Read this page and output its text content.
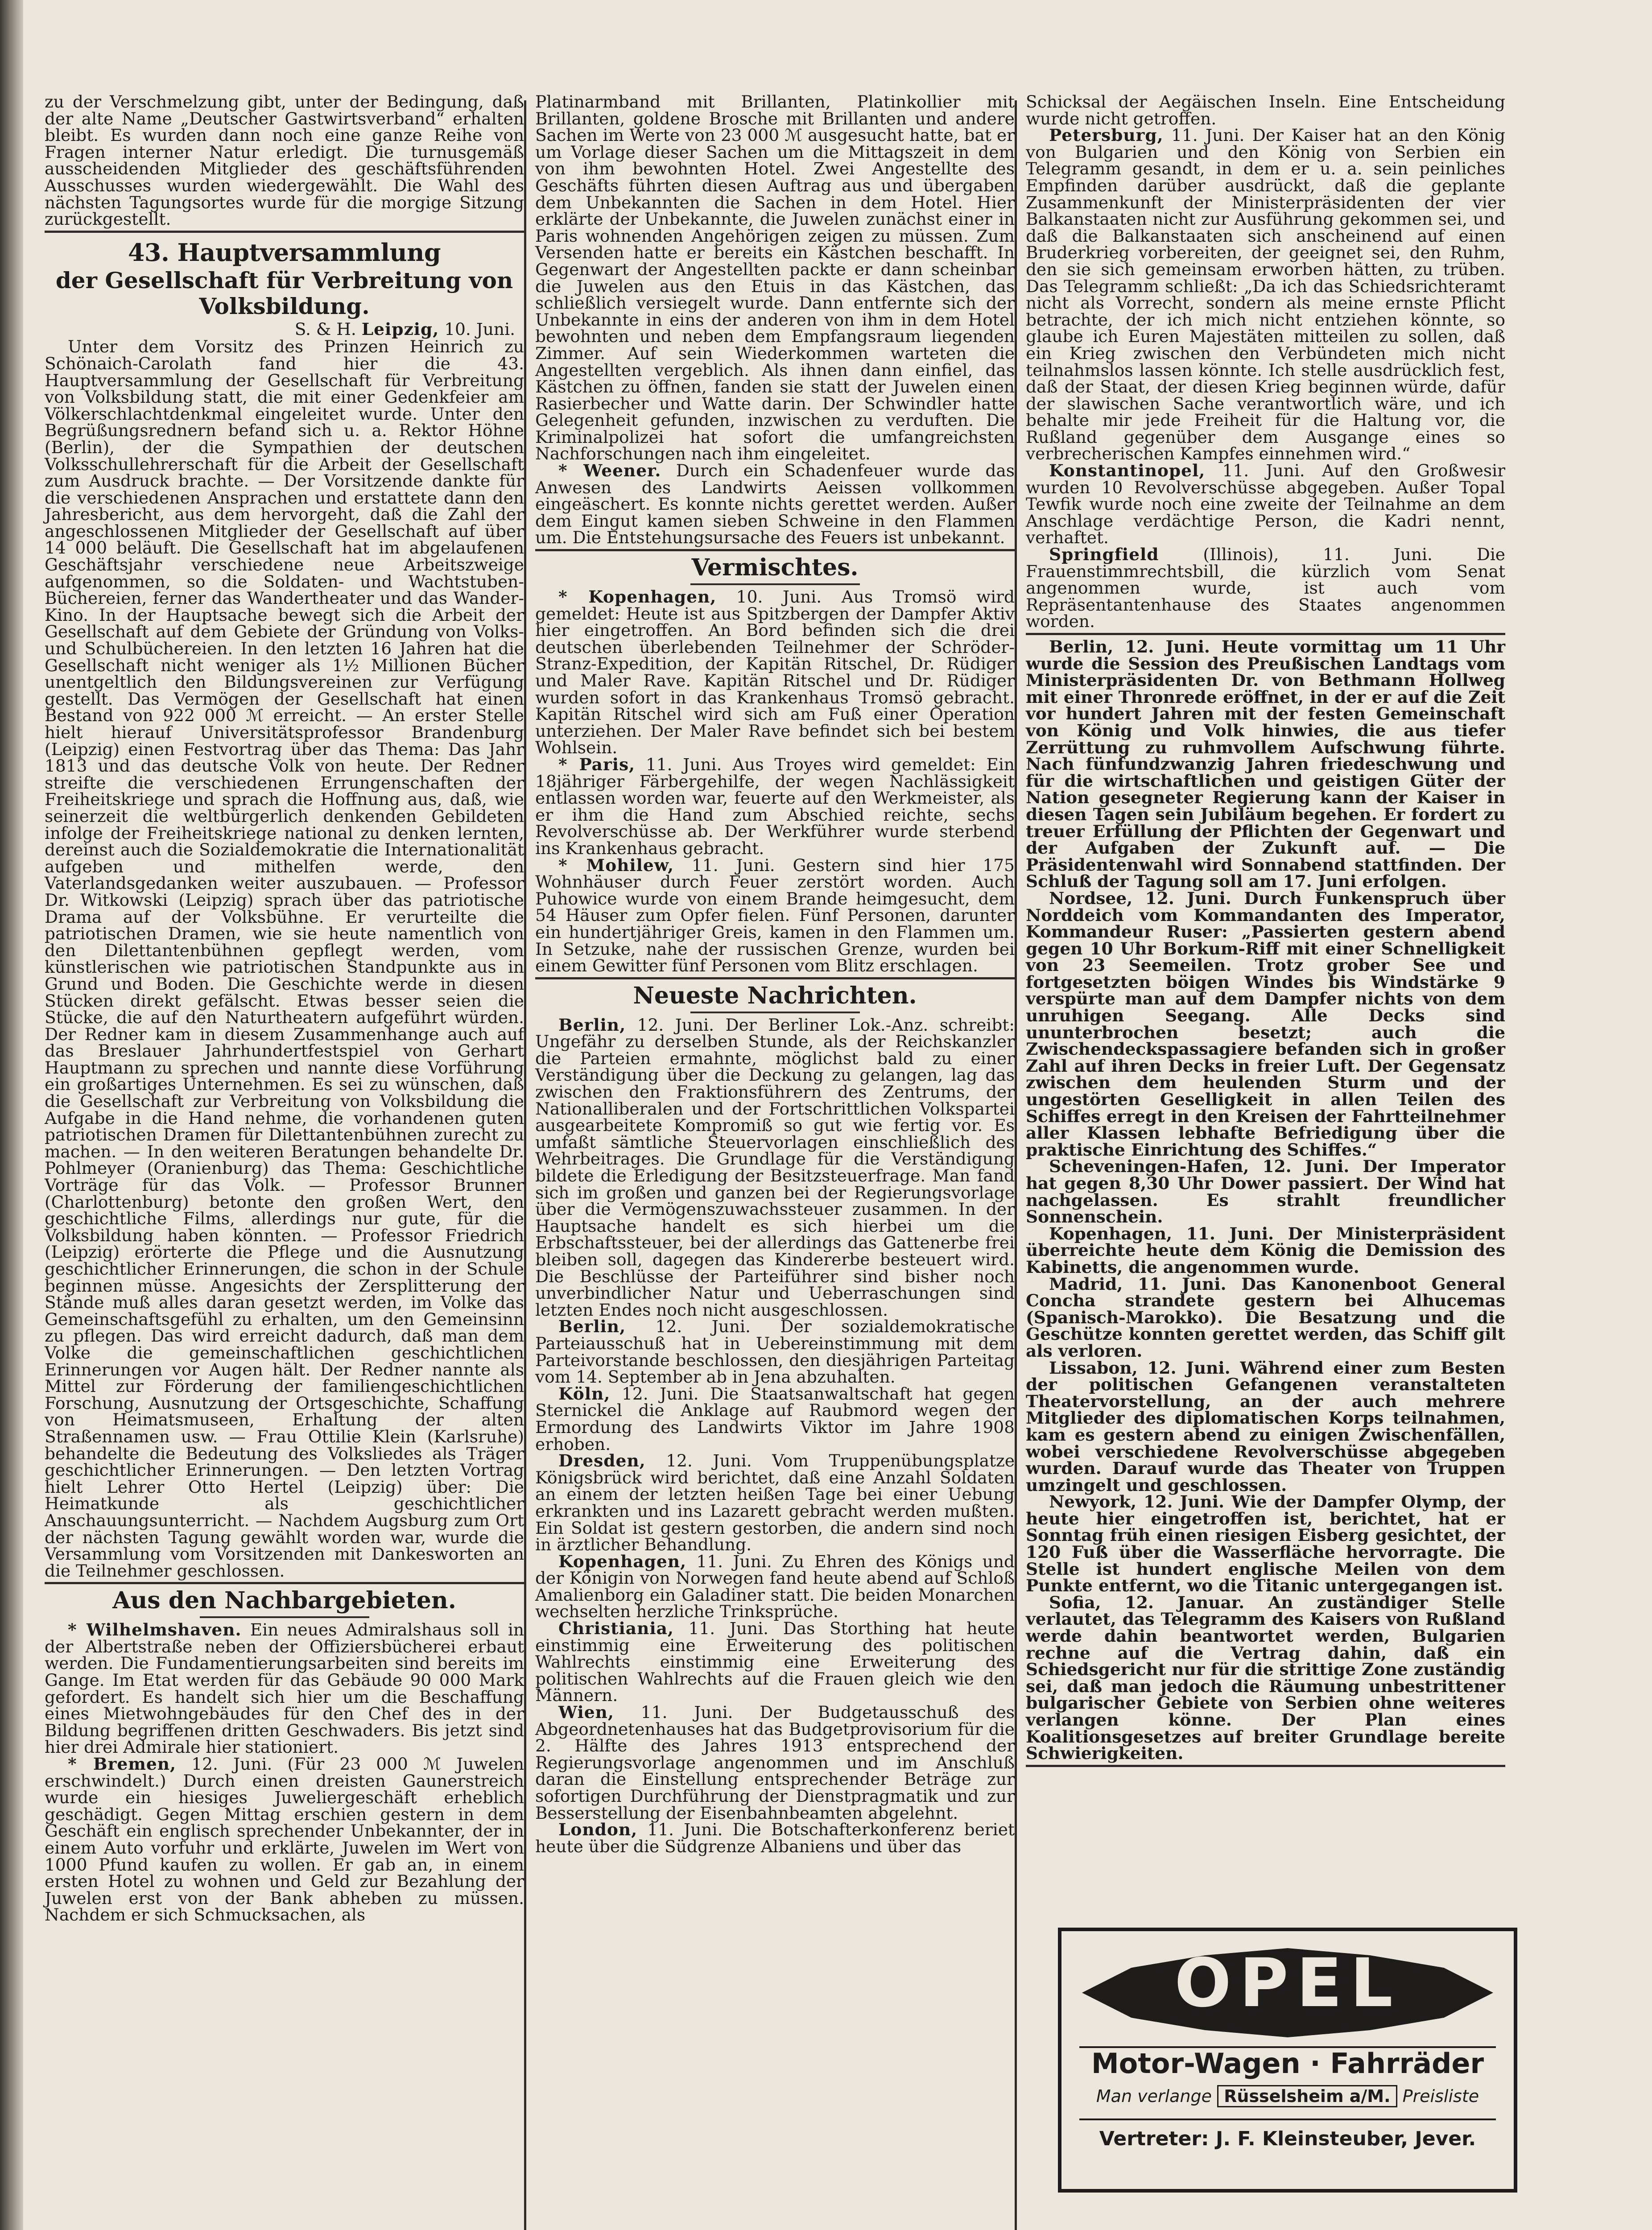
zu der Verschmelzung gibt, unter der Bedingung, daß der alte Name „Deutscher Gastwirtsverband“ erhalten bleibt. Es wurden dann noch eine ganze Reihe von Fragen interner Natur erledigt. Die turnusgemäß ausscheidenden Mitglieder des geschäftsführenden Ausschusses wurden wiedergewählt. Die Wahl des nächsten Tagungsortes wurde für die morgige Sitzung zurückgestellt.

43. Hauptversammlung
der Gesellschaft für Verbreitung von Volksbildung.
S. & H. Leipzig, 10. Juni.

Unter dem Vorsitz des Prinzen Heinrich zu Schönaich-Carolath fand hier die 43. Hauptversammlung der Gesellschaft für Verbreitung von Volksbildung statt, die mit einer Gedenkfeier am Völkerschlachtdenkmal eingeleitet wurde. Unter den Begrüßungsrednern befand sich u. a. Rektor Höhne (Berlin), der die Sympathien der deutschen Volksschullehrerschaft für die Arbeit der Gesellschaft zum Ausdruck brachte. — Der Vorsitzende dankte für die verschiedenen Ansprachen und erstattete dann den Jahresbericht, aus dem hervorgeht, daß die Zahl der angeschlossenen Mitglieder der Gesellschaft auf über 14 000 beläuft. Die Gesellschaft hat im abgelaufenen Geschäftsjahr verschiedene neue Arbeitszweige aufgenommen, so die Soldaten- und Wachtstuben-Büchereien, ferner das Wandertheater und das Wander-Kino. In der Hauptsache bewegt sich die Arbeit der Gesellschaft auf dem Gebiete der Gründung von Volks- und Schulbüchereien. In den letzten 16 Jahren hat die Gesellschaft nicht weniger als 1½ Millionen Bücher unentgeltlich den Bildungsvereinen zur Verfügung gestellt. Das Vermögen der Gesellschaft hat einen Bestand von 922 000 ℳ erreicht. — An erster Stelle hielt hierauf Universitätsprofessor Brandenburg (Leipzig) einen Festvortrag über das Thema: Das Jahr 1813 und das deutsche Volk von heute. Der Redner streifte die verschiedenen Errungenschaften der Freiheitskriege und sprach die Hoffnung aus, daß, wie seinerzeit die weltbürgerlich denkenden Gebildeten infolge der Freiheitskriege national zu denken lernten, dereinst auch die Sozialdemokratie die Internationalität aufgeben und mithelfen werde, den Vaterlandsgedanken weiter auszubauen. — Professor Dr. Witkowski (Leipzig) sprach über das patriotische Drama auf der Volksbühne. Er verurteilte die patriotischen Dramen, wie sie heute namentlich von den Dilettantenbühnen gepflegt werden, vom künstlerischen wie patriotischen Standpunkte aus in Grund und Boden. Die Geschichte werde in diesen Stücken direkt gefälscht. Etwas besser seien die Stücke, die auf den Naturtheatern aufgeführt würden. Der Redner kam in diesem Zusammenhange auch auf das Breslauer Jahrhundertfestspiel von Gerhart Hauptmann zu sprechen und nannte diese Vorführung ein großartiges Unternehmen. Es sei zu wünschen, daß die Gesellschaft zur Verbreitung von Volksbildung die Aufgabe in die Hand nehme, die vorhandenen guten patriotischen Dramen für Dilettantenbühnen zurecht zu machen. — In den weiteren Beratungen behandelte Dr. Pohlmeyer (Oranienburg) das Thema: Geschichtliche Vorträge für das Volk. — Professor Brunner (Charlottenburg) betonte den großen Wert, den geschichtliche Films, allerdings nur gute, für die Volksbildung haben könnten. — Professor Friedrich (Leipzig) erörterte die Pflege und die Ausnutzung geschichtlicher Erinnerungen, die schon in der Schule beginnen müsse. Angesichts der Zersplitterung der Stände muß alles daran gesetzt werden, im Volke das Gemeinschaftsgefühl zu erhalten, um den Gemeinsinn zu pflegen. Das wird erreicht dadurch, daß man dem Volke die gemeinschaftlichen geschichtlichen Erinnerungen vor Augen hält. Der Redner nannte als Mittel zur Förderung der familiengeschichtlichen Forschung, Ausnutzung der Ortsgeschichte, Schaffung von Heimatsmuseen, Erhaltung der alten Straßennamen usw. — Frau Ottilie Klein (Karlsruhe) behandelte die Bedeutung des Volksliedes als Träger geschichtlicher Erinnerungen. — Den letzten Vortrag hielt Lehrer Otto Hertel (Leipzig) über: Die Heimatkunde als geschichtlicher Anschauungsunterricht. — Nachdem Augsburg zum Ort der nächsten Tagung gewählt worden war, wurde die Versammlung vom Vorsitzenden mit Dankesworten an die Teilnehmer geschlossen.

Aus den Nachbargebieten.

* Wilhelmshaven. Ein neues Admiralshaus soll in der Albertstraße neben der Offiziersbücherei erbaut werden. Die Fundamentierungsarbeiten sind bereits im Gange. Im Etat werden für das Gebäude 90 000 Mark gefordert. Es handelt sich hier um die Beschaffung eines Mietwohngebäudes für den Chef des in der Bildung begriffenen dritten Geschwaders. Bis jetzt sind hier drei Admirale hier stationiert.

* Bremen, 12. Juni. (Für 23 000 ℳ Juwelen erschwindelt.) Durch einen dreisten Gaunerstreich wurde ein hiesiges Juweliergeschäft erheblich geschädigt. Gegen Mittag erschien gestern in dem Geschäft ein englisch sprechender Unbekannter, der in einem Auto vorfuhr und erklärte, Juwelen im Wert von 1000 Pfund kaufen zu wollen. Er gab an, in einem ersten Hotel zu wohnen und Geld zur Bezahlung der Juwelen erst von der Bank abheben zu müssen. Nachdem er sich Schmucksachen, als

Platinarmband mit Brillanten, Platinkollier mit Brillanten, goldene Brosche mit Brillanten und andere Sachen im Werte von 23 000 ℳ ausgesucht hatte, bat er um Vorlage dieser Sachen um die Mittagszeit in dem von ihm bewohnten Hotel. Zwei Angestellte des Geschäfts führten diesen Auftrag aus und übergaben dem Unbekannten die Sachen in dem Hotel. Hier erklärte der Unbekannte, die Juwelen zunächst einer in Paris wohnenden Angehörigen zeigen zu müssen. Zum Versenden hatte er bereits ein Kästchen beschafft. In Gegenwart der Angestellten packte er dann scheinbar die Juwelen aus den Etuis in das Kästchen, das schließlich versiegelt wurde. Dann entfernte sich der Unbekannte in eins der anderen von ihm in dem Hotel bewohnten und neben dem Empfangsraum liegenden Zimmer. Auf sein Wiederkommen warteten die Angestellten vergeblich. Als ihnen dann einfiel, das Kästchen zu öffnen, fanden sie statt der Juwelen einen Rasierbecher und Watte darin. Der Schwindler hatte Gelegenheit gefunden, inzwischen zu verduften. Die Kriminalpolizei hat sofort die umfangreichsten Nachforschungen nach ihm eingeleitet.

* Weener. Durch ein Schadenfeuer wurde das Anwesen des Landwirts Aeissen vollkommen eingeäschert. Es konnte nichts gerettet werden. Außer dem Eingut kamen sieben Schweine in den Flammen um. Die Entstehungsursache des Feuers ist unbekannt.

Vermischtes.

* Kopenhagen, 10. Juni. Aus Tromsö wird gemeldet: Heute ist aus Spitzbergen der Dampfer Aktiv hier eingetroffen. An Bord befinden sich die drei deutschen überlebenden Teilnehmer der Schröder-Stranz-Expedition, der Kapitän Ritschel, Dr. Rüdiger und Maler Rave. Kapitän Ritschel und Dr. Rüdiger wurden sofort in das Krankenhaus Tromsö gebracht. Kapitän Ritschel wird sich am Fuß einer Operation unterziehen. Der Maler Rave befindet sich bei bestem Wohlsein.

* Paris, 11. Juni. Aus Troyes wird gemeldet: Ein 18jähriger Färbergehilfe, der wegen Nachlässigkeit entlassen worden war, feuerte auf den Werkmeister, als er ihm die Hand zum Abschied reichte, sechs Revolverschüsse ab. Der Werkführer wurde sterbend ins Krankenhaus gebracht.

* Mohilew, 11. Juni. Gestern sind hier 175 Wohnhäuser durch Feuer zerstört worden. Auch Puhowice wurde von einem Brande heimgesucht, dem 54 Häuser zum Opfer fielen. Fünf Personen, darunter ein hundertjähriger Greis, kamen in den Flammen um. In Setzuke, nahe der russischen Grenze, wurden bei einem Gewitter fünf Personen vom Blitz erschlagen.

Neueste Nachrichten.

Berlin, 12. Juni. Der Berliner Lok.-Anz. schreibt: Ungefähr zu derselben Stunde, als der Reichskanzler die Parteien ermahnte, möglichst bald zu einer Verständigung über die Deckung zu gelangen, lag das zwischen den Fraktionsführern des Zentrums, der Nationalliberalen und der Fortschrittlichen Volkspartei ausgearbeitete Kompromiß so gut wie fertig vor. Es umfaßt sämtliche Steuervorlagen einschließlich des Wehrbeitrages. Die Grundlage für die Verständigung bildete die Erledigung der Besitzsteuerfrage. Man fand sich im großen und ganzen bei der Regierungsvorlage über die Vermögenszuwachssteuer zusammen. In der Hauptsache handelt es sich hierbei um die Erbschaftssteuer, bei der allerdings das Gattenerbe frei bleiben soll, dagegen das Kindererbe besteuert wird. Die Beschlüsse der Parteiführer sind bisher noch unverbindlicher Natur und Ueberraschungen sind letzten Endes noch nicht ausgeschlossen.

Berlin, 12. Juni. Der sozialdemokratische Parteiausschuß hat in Uebereinstimmung mit dem Parteivorstande beschlossen, den diesjährigen Parteitag vom 14. September ab in Jena abzuhalten.

Köln, 12. Juni. Die Staatsanwaltschaft hat gegen Sternickel die Anklage auf Raubmord wegen der Ermordung des Landwirts Viktor im Jahre 1908 erhoben.

Dresden, 12. Juni. Vom Truppenübungsplatze Königsbrück wird berichtet, daß eine Anzahl Soldaten an einem der letzten heißen Tage bei einer Uebung erkrankten und ins Lazarett gebracht werden mußten. Ein Soldat ist gestern gestorben, die andern sind noch in ärztlicher Behandlung.

Kopenhagen, 11. Juni. Zu Ehren des Königs und der Königin von Norwegen fand heute abend auf Schloß Amalienborg ein Galadiner statt. Die beiden Monarchen wechselten herzliche Trinksprüche.

Christiania, 11. Juni. Das Storthing hat heute einstimmig eine Erweiterung des politischen Wahlrechts einstimmig eine Erweiterung des politischen Wahlrechts auf die Frauen gleich wie den Männern.

Wien, 11. Juni. Der Budgetausschuß des Abgeordnetenhauses hat das Budgetprovisorium für die 2. Hälfte des Jahres 1913 entsprechend der Regierungsvorlage angenommen und im Anschluß daran die Einstellung entsprechender Beträge zur sofortigen Durchführung der Dienstpragmatik und zur Besserstellung der Eisenbahnbeamten abgelehnt.

London, 11. Juni. Die Botschafterkonferenz beriet heute über die Südgrenze Albaniens und über das

Schicksal der Aegäischen Inseln. Eine Entscheidung wurde nicht getroffen.

Petersburg, 11. Juni. Der Kaiser hat an den König von Bulgarien und den König von Serbien ein Telegramm gesandt, in dem er u. a. sein peinliches Empfinden darüber ausdrückt, daß die geplante Zusammenkunft der Ministerpräsidenten der vier Balkanstaaten nicht zur Ausführung gekommen sei, und daß die Balkanstaaten sich anscheinend auf einen Bruderkrieg vorbereiten, der geeignet sei, den Ruhm, den sie sich gemeinsam erworben hätten, zu trüben. Das Telegramm schließt: „Da ich das Schiedsrichteramt nicht als Vorrecht, sondern als meine ernste Pflicht betrachte, der ich mich nicht entziehen könnte, so glaube ich Euren Majestäten mitteilen zu sollen, daß ein Krieg zwischen den Verbündeten mich nicht teilnahmslos lassen könnte. Ich stelle ausdrücklich fest, daß der Staat, der diesen Krieg beginnen würde, dafür der slawischen Sache verantwortlich wäre, und ich behalte mir jede Freiheit für die Haltung vor, die Rußland gegenüber dem Ausgange eines so verbrecherischen Kampfes einnehmen wird.“

Konstantinopel, 11. Juni. Auf den Großwesir wurden 10 Revolverschüsse abgegeben. Außer Topal Tewfik wurde noch eine zweite der Teilnahme an dem Anschlage verdächtige Person, die Kadri nennt, verhaftet.

Springfield	(Illinois), 11. Juni. Die Frauenstimmrechtsbill, die kürzlich vom Senat angenommen wurde, ist auch vom Repräsentantenhause des Staates angenommen worden.

Berlin, 12. Juni. Heute vormittag um 11 Uhr wurde die Session des Preußischen Landtags vom Ministerpräsidenten Dr. von Bethmann Hollweg mit einer Thronrede eröffnet, in der er auf die Zeit vor hundert Jahren mit der festen Gemeinschaft von König und Volk hinwies, die aus tiefer Zerrüttung zu ruhmvollem Aufschwung führte. Nach fünfundzwanzig Jahren friedeschwung und für die wirtschaftlichen und geistigen Güter der Nation gesegneter Regierung kann der Kaiser in diesen Tagen sein Jubiläum begehen. Er fordert zu treuer Erfüllung der Pflichten der Gegenwart und der Aufgaben der Zukunft auf. — Die Präsidentenwahl wird Sonnabend stattfinden. Der Schluß der Tagung soll am 17. Juni erfolgen.

Nordsee, 12. Juni. Durch Funkenspruch über Norddeich vom Kommandanten des Imperator, Kommandeur Ruser: „Passierten gestern abend gegen 10 Uhr Borkum-Riff mit einer Schnelligkeit von 23 Seemeilen. Trotz grober See und fortgesetzten böigen Windes bis Windstärke 9 verspürte man auf dem Dampfer nichts von dem unruhigen Seegang. Alle Decks sind ununterbrochen besetzt; auch die Zwischendeckspassagiere befanden sich in großer Zahl auf ihren Decks in freier Luft. Der Gegensatz zwischen dem heulenden Sturm und der ungestörten Geselligkeit in allen Teilen des Schiffes erregt in den Kreisen der Fahrtteilnehmer aller Klassen lebhafte Befriedigung über die praktische Einrichtung des Schiffes.“

Scheveningen-Hafen, 12. Juni. Der Imperator hat gegen 8,30 Uhr Dower passiert. Der Wind hat nachgelassen. Es strahlt freundlicher Sonnenschein.

Kopenhagen, 11. Juni. Der Ministerpräsident überreichte heute dem König die Demission des Kabinetts, die angenommen wurde.

Madrid, 11. Juni. Das Kanonenboot General Concha strandete gestern bei Alhucemas (Spanisch-Marokko). Die Besatzung und die Geschütze konnten gerettet werden, das Schiff gilt als verloren.

Lissabon, 12. Juni. Während einer zum Besten der politischen Gefangenen veranstalteten Theatervorstellung, an der auch mehrere Mitglieder des diplomatischen Korps teilnahmen, kam es gestern abend zu einigen Zwischenfällen, wobei verschiedene Revolverschüsse abgegeben wurden. Darauf wurde das Theater von Truppen umzingelt und geschlossen.

Newyork, 12. Juni. Wie der Dampfer Olymp, der heute hier eingetroffen ist, berichtet, hat er Sonntag früh einen riesigen Eisberg gesichtet, der 120 Fuß über die Wasserfläche hervorragte. Die Stelle ist hundert englische Meilen von dem Punkte entfernt, wo die Titanic untergegangen ist.

Sofia, 12. Januar. An zuständiger Stelle verlautet, das Telegramm des Kaisers von Rußland werde dahin beantwortet werden, Bulgarien rechne auf die Vertrag dahin, daß ein Schiedsgericht nur für die strittige Zone zuständig sei, daß man jedoch die Räumung unbestrittener bulgarischer Gebiete von Serbien ohne weiteres verlangen könne. Der Plan eines Koalitionsgesetzes auf breiter Grundlage bereite Schwierigkeiten.

OPEL
Motor-Wagen · Fahrräder
Man verlange Rüsselsheim a/M. Preisliste
Vertreter: J. F. Kleinsteuber, Jever.
